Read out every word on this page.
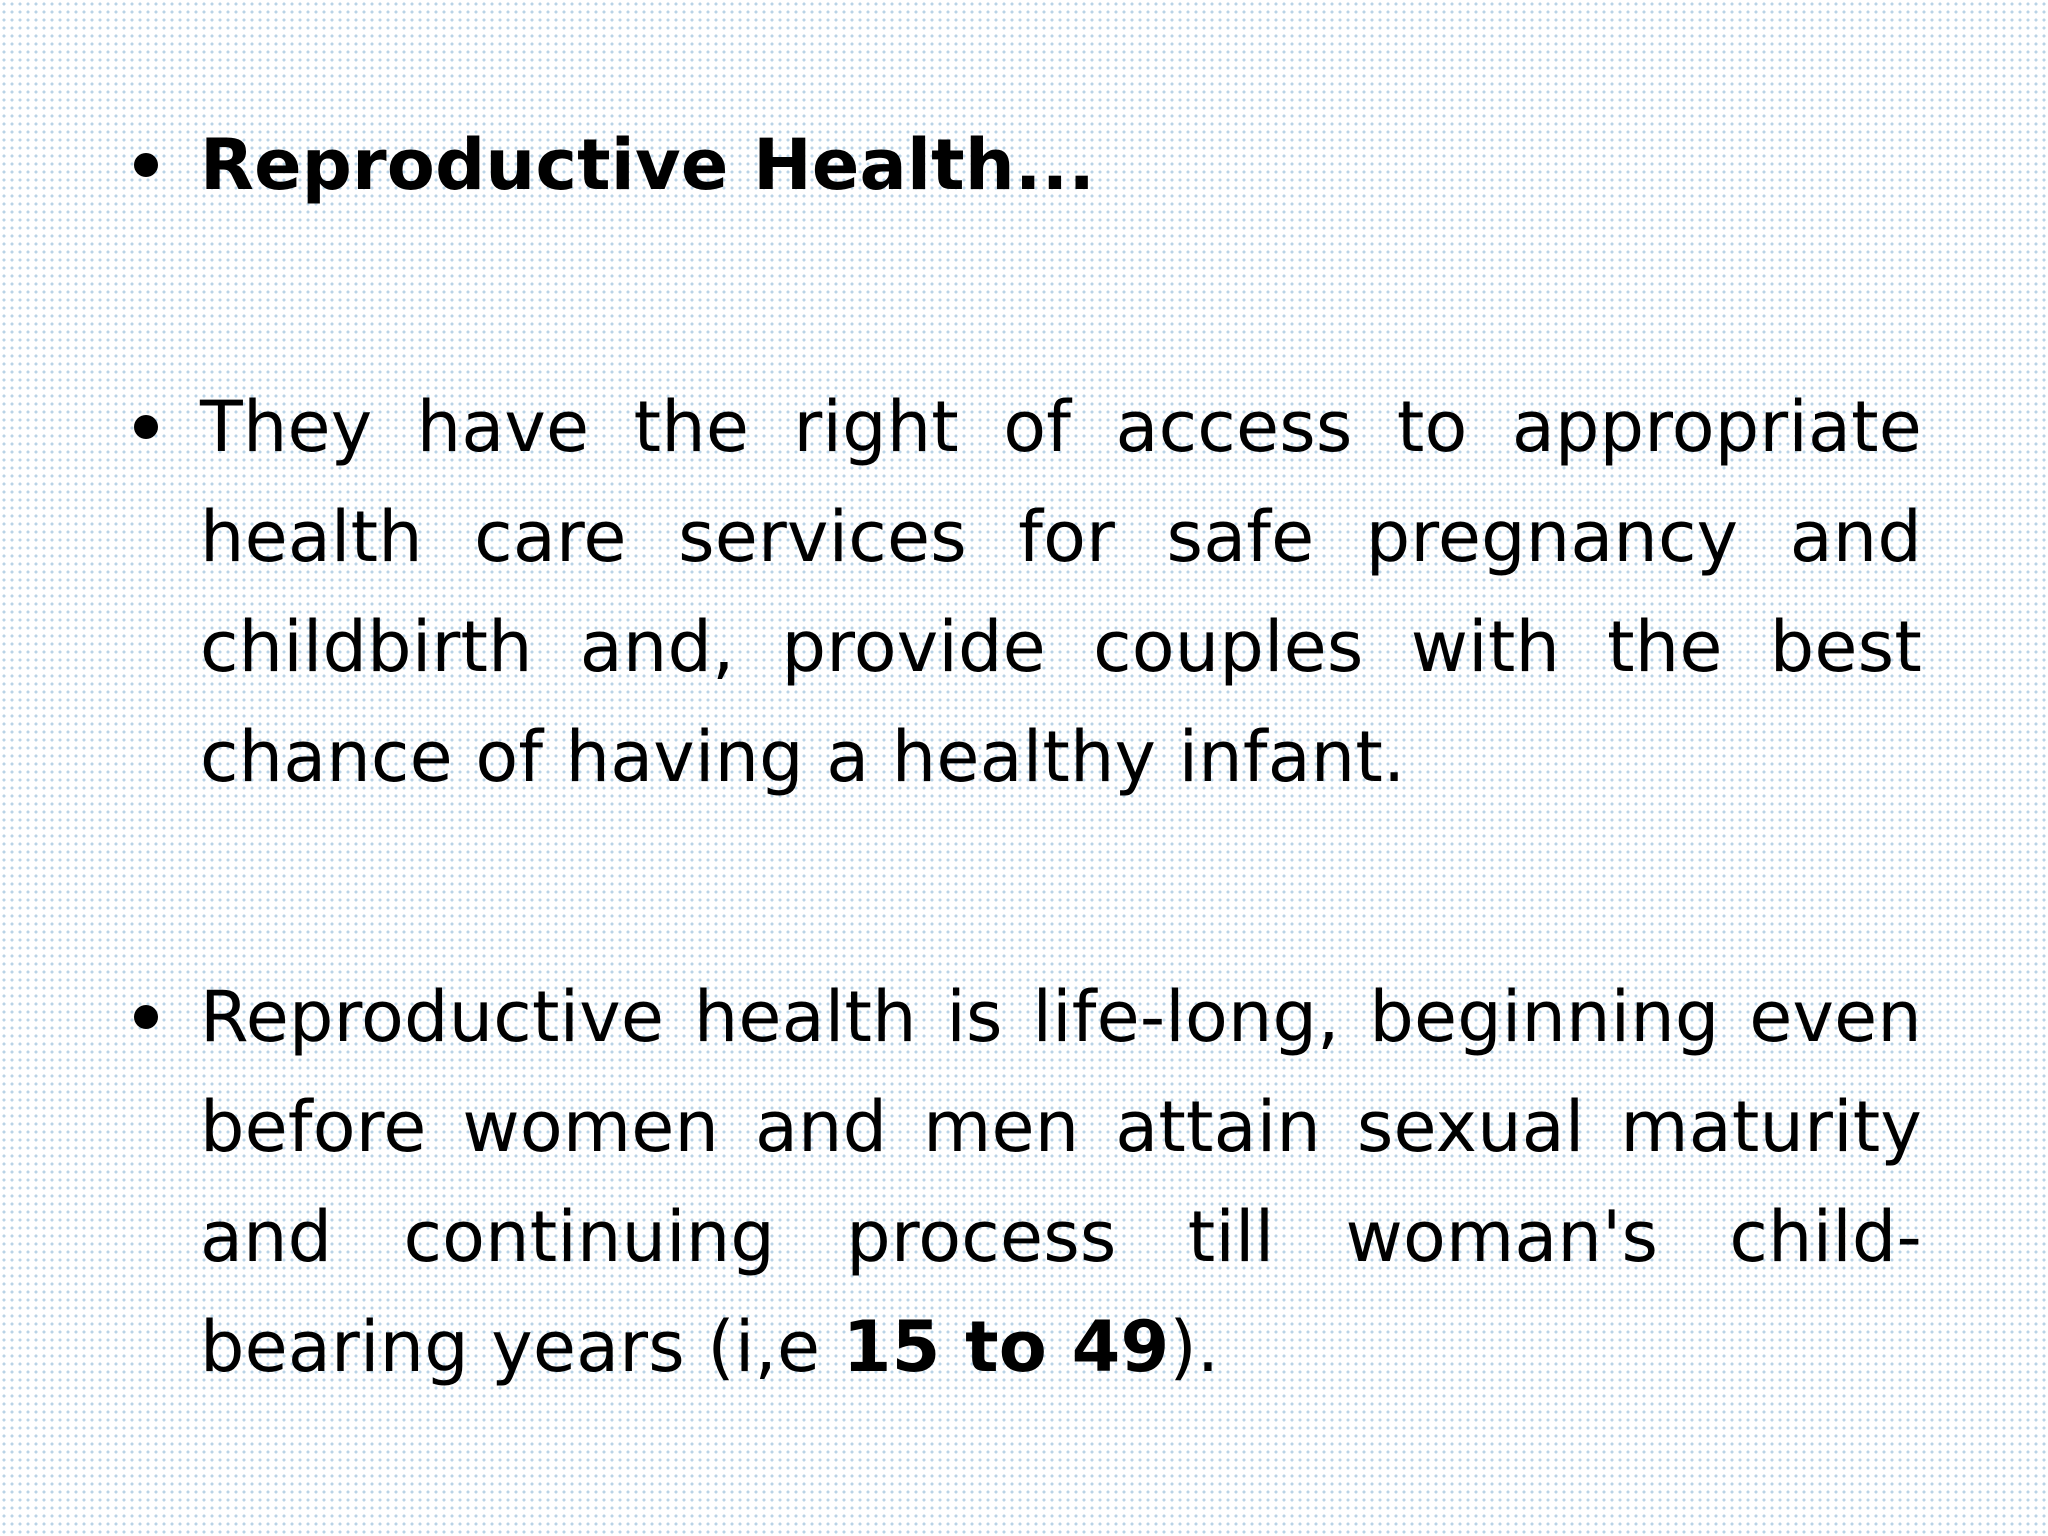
Reproductive Health...
They have the right of access to appropriate health care services for safe pregnancy and childbirth and, provide couples with the best chance of having a healthy infant.
Reproductive health is life-long, beginning even before women and men attain sexual maturity and continuing process till woman's child-bearing years (i,e 15 to 49).
